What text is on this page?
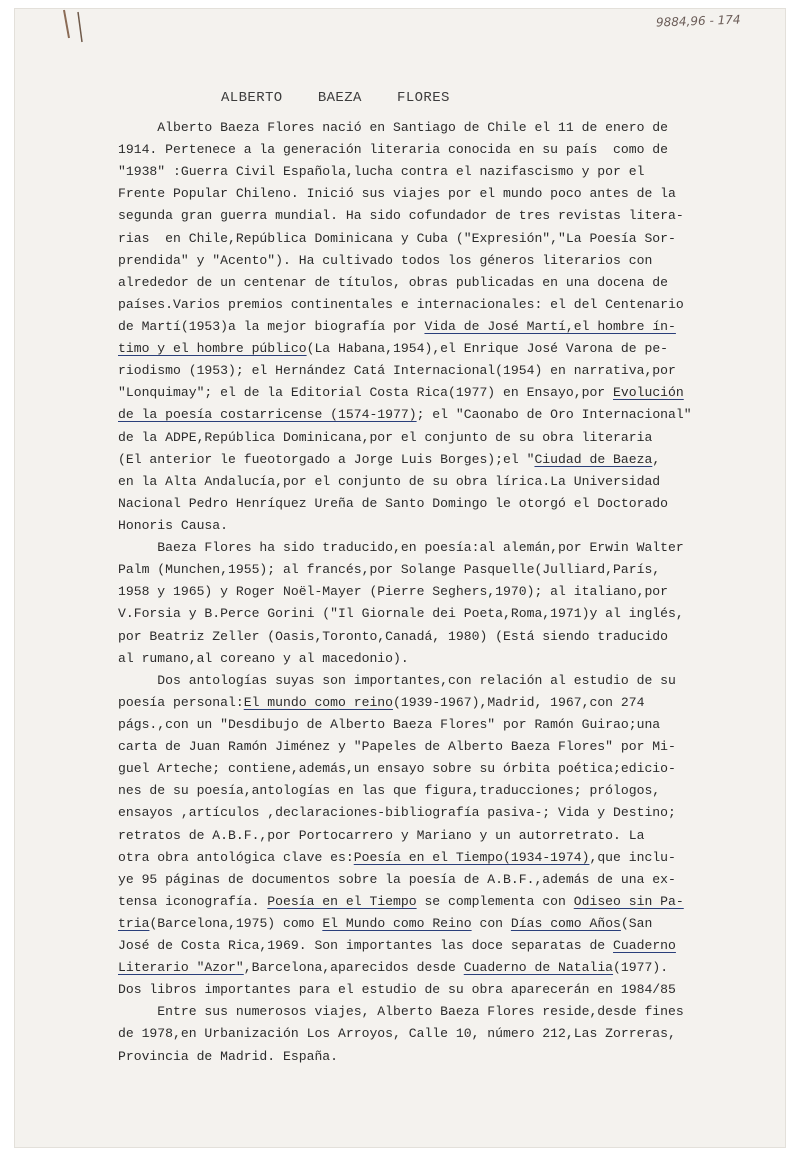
9884,96 - 174
ALBERTO    BAEZA    FLORES
Alberto Baeza Flores nació en Santiago de Chile el 11 de enero de
1914. Pertenece a la generación literaria conocida en su país  como de
"1938" :Guerra Civil Española,lucha contra el nazifascismo y por el
Frente Popular Chileno. Inició sus viajes por el mundo poco antes de la
segunda gran guerra mundial. Ha sido cofundador de tres revistas litera-
rias  en Chile,República Dominicana y Cuba ("Expresión","La Poesía Sor-
prendida" y "Acento"). Ha cultivado todos los géneros literarios con
alrededor de un centenar de títulos, obras publicadas en una docena de
países.Varios premios continentales e internacionales: el del Centenario
de Martí(1953)a la mejor biografía por Vida de José Martí,el hombre ín-
timo y el hombre público(La Habana,1954),el Enrique José Varona de pe-
riodismo (1953); el Hernández Catá Internacional(1954) en narrativa,por
"Lonquimay"; el de la Editorial Costa Rica(1977) en Ensayo,por Evolución
de la poesía costarricense (1574-1977); el "Caonabo de Oro Internacional"
de la ADPE,República Dominicana,por el conjunto de su obra literaria
(El anterior le fueotorgado a Jorge Luis Borges);el "Ciudad de Baeza,
en la Alta Andalucía,por el conjunto de su obra lírica.La Universidad
Nacional Pedro Henríquez Ureña de Santo Domingo le otorgó el Doctorado
Honoris Causa.
Baeza Flores ha sido traducido,en poesía:al alemán,por Erwin Walter
Palm (Munchen,1955); al francés,por Solange Pasquelle(Julliard,París,
1958 y 1965) y Roger Noël-Mayer (Pierre Seghers,1970); al italiano,por
V.Forsia y B.Perce Gorini ("Il Giornale dei Poeta,Roma,1971)y al inglés,
por Beatriz Zeller (Oasis,Toronto,Canadá, 1980) (Está siendo traducido
al rumano,al coreano y al macedonio).
Dos antologías suyas son importantes,con relación al estudio de su
poesía personal:El mundo como reino(1939-1967),Madrid, 1967,con 274
págs.,con un "Desdibujo de Alberto Baeza Flores" por Ramón Guirao;una
carta de Juan Ramón Jiménez y "Papeles de Alberto Baeza Flores" por Mi-
guel Arteche; contiene,además,un ensayo sobre su órbita poética;edicio-
nes de su poesía,antologías en las que figura,traducciones; prólogos,
ensayos ,artículos ,declaraciones-bibliografía pasiva-; Vida y Destino;
retratos de A.B.F.,por Portocarrero y Mariano y un autorretrato. La
otra obra antológica clave es:Poesía en el Tiempo(1934-1974),que inclu-
ye 95 páginas de documentos sobre la poesía de A.B.F.,además de una ex-
tensa iconografía. Poesía en el Tiempo se complementa con Odiseo sin Pa-
tria(Barcelona,1975) como El Mundo como Reino con Días como Años(San
José de Costa Rica,1969. Son importantes las doce separatas de Cuaderno
Literario "Azor",Barcelona,aparecidos desde Cuaderno de Natalia(1977).
Dos libros importantes para el estudio de su obra aparecerán en 1984/85
Entre sus numerosos viajes, Alberto Baeza Flores reside,desde fines
de 1978,en Urbanización Los Arroyos, Calle 10, número 212,Las Zorreras,
Provincia de Madrid. España.
